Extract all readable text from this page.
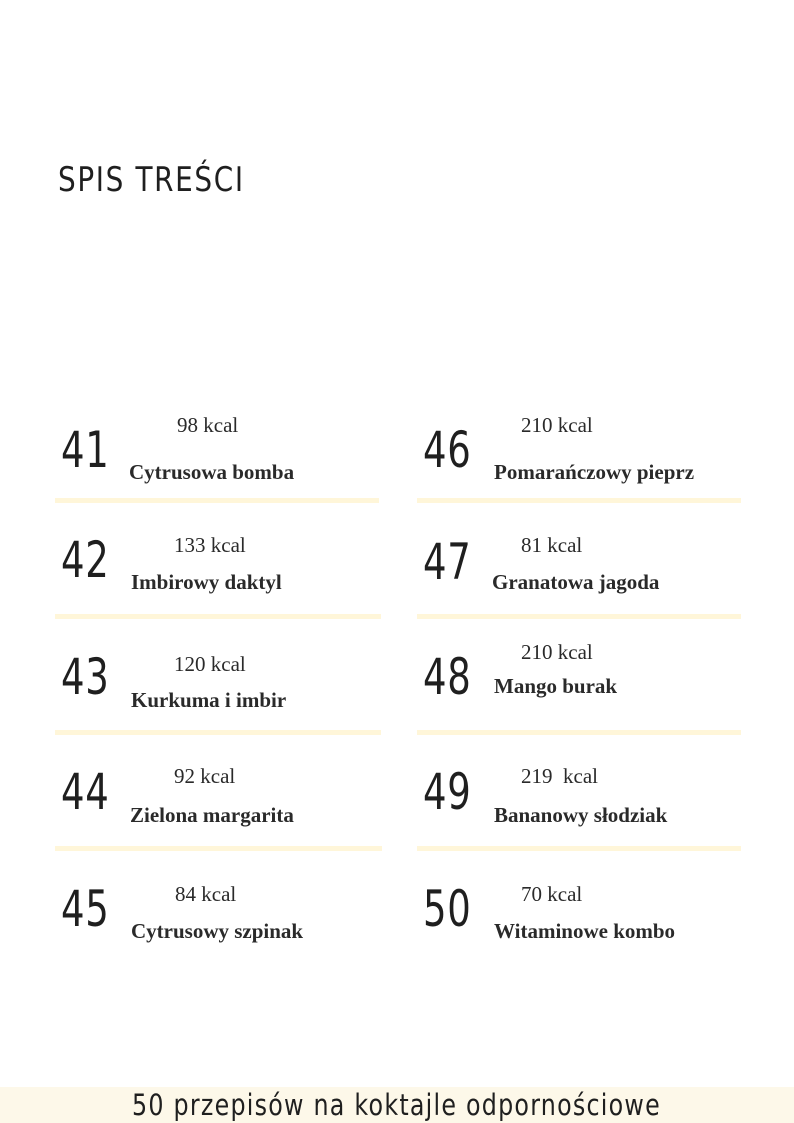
SPIS TREŚCI
41	98 kcal
Cytrusowa bomba
42	133 kcal
Imbirowy daktyl
43	120 kcal
Kurkuma i imbir
44	92 kcal
Zielona margarita
45	84 kcal
Cytrusowy szpinak
46 210 kcal
Pomarańczowy pieprz
47 81 kcal
Granatowa jagoda
48 210 kcal
Mango burak
49 219  kcal
Bananowy słodziak
50 70 kcal
Witaminowe kombo
50 przepisów na koktajle odpornościowe
